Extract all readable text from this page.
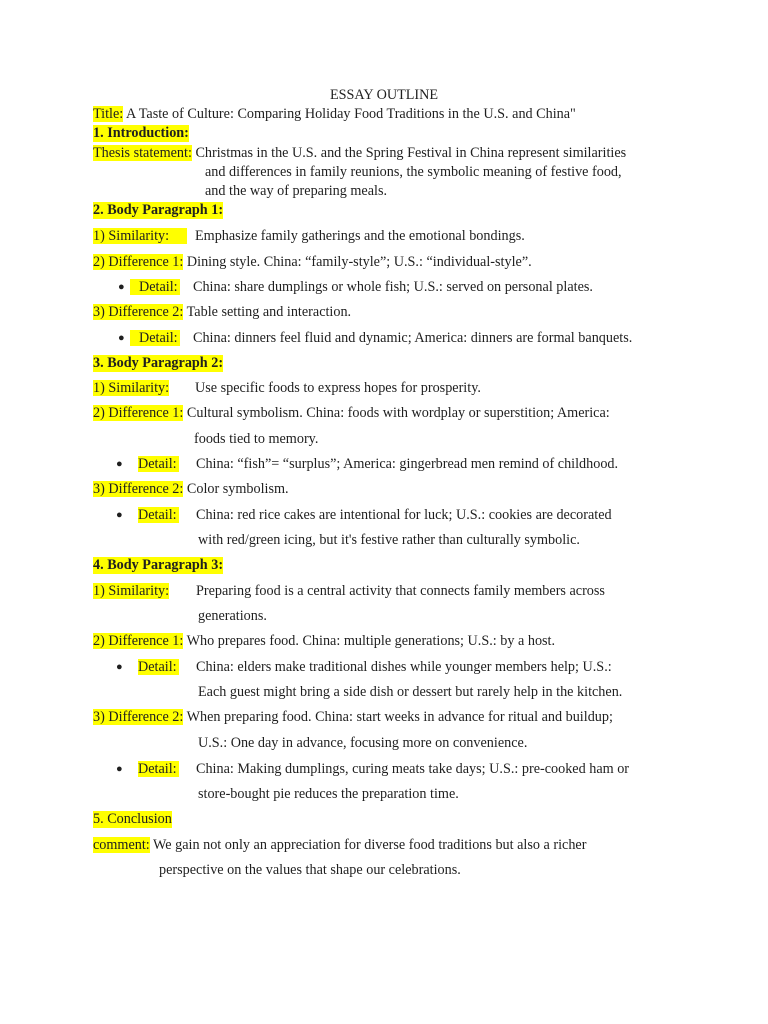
ESSAY OUTLINE
Title: A Taste of Culture: Comparing Holiday Food Traditions in the U.S. and China"
1. Introduction:
Thesis statement: Christmas in the U.S. and the Spring Festival in China represent similarities
and differences in family reunions, the symbolic meaning of festive food,
and the way of preparing meals.
2. Body Paragraph 1:
1) Similarity:	Emphasize family gatherings and the emotional bondings.
2) Difference 1: Dining style. China: “family-style”; U.S.: “individual-style”.
●	Detail: China: share dumplings or whole fish; U.S.: served on personal plates.
3) Difference 2: Table setting and interaction.
●	Detail: China: dinners feel fluid and dynamic; America: dinners are formal banquets.
3. Body Paragraph 2:
1) Similarity: Use specific foods to express hopes for prosperity.
2) Difference 1: Cultural symbolism. China: foods with wordplay or superstition; America:
foods tied to memory.
● Detail: China: “fish”= “surplus”; America: gingerbread men remind of childhood.
3) Difference 2: Color symbolism.
● Detail: China: red rice cakes are intentional for luck; U.S.: cookies are decorated
with red/green icing, but it's festive rather than culturally symbolic.
4. Body Paragraph 3:
1) Similarity: Preparing food is a central activity that connects family members across
generations.
2) Difference 1: Who prepares food. China: multiple generations; U.S.: by a host.
● Detail: China: elders make traditional dishes while younger members help; U.S.:
Each guest might bring a side dish or dessert but rarely help in the kitchen.
3) Difference 2: When preparing food. China: start weeks in advance for ritual and buildup;
U.S.: One day in advance, focusing more on convenience.
● Detail: China: Making dumplings, curing meats take days; U.S.: pre-cooked ham or
store-bought pie reduces the preparation time.
5. Conclusion
comment: We gain not only an appreciation for diverse food traditions but also a richer
perspective on the values that shape our celebrations.
